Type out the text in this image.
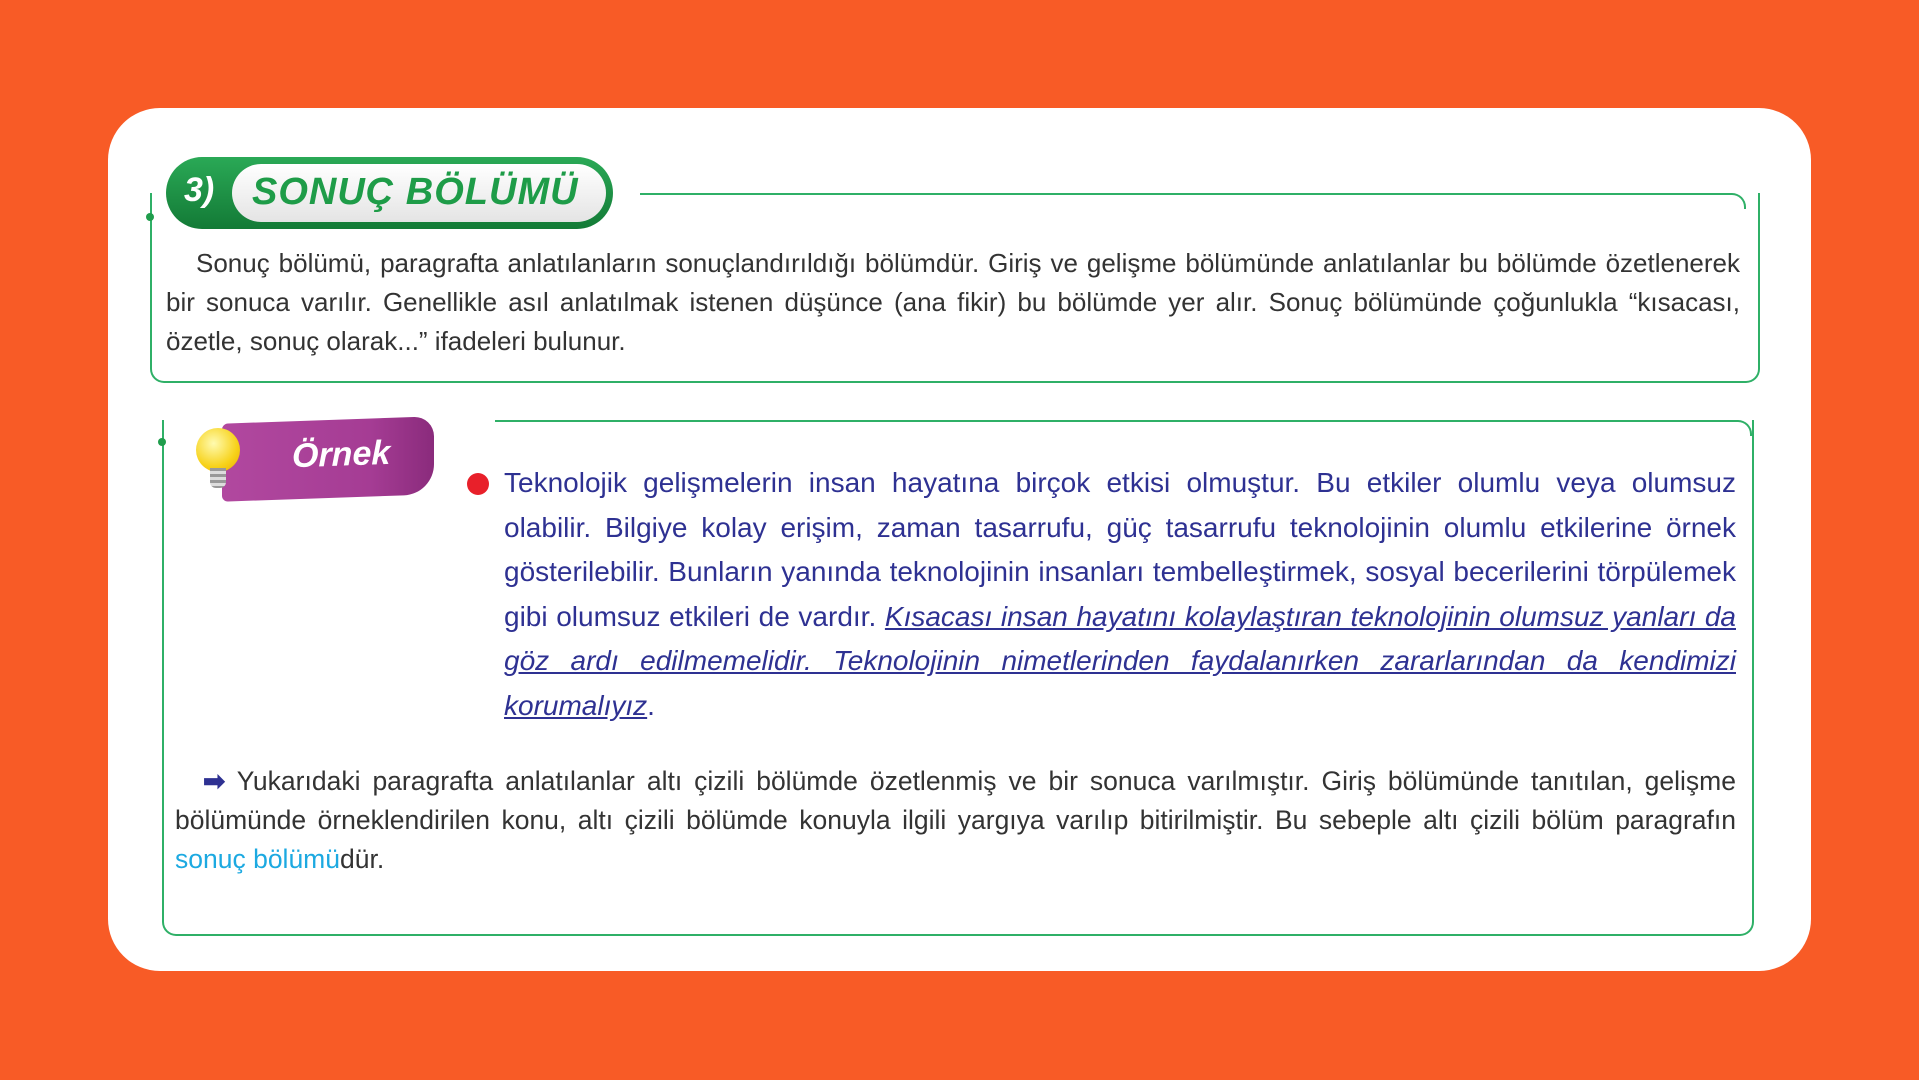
3) SONUÇ BÖLÜMÜ
Sonuç bölümü, paragrafta anlatılanların sonuçlandırıldığı bölümdür. Giriş ve gelişme bölümünde anlatılanlar bu bölümde özetlenerek bir sonuca varılır. Genellikle asıl anlatılmak istenen düşünce (ana fikir) bu bölümde yer alır. Sonuç bölümünde çoğunlukla “kısacası, özetle, sonuç olarak...” ifadeleri bulunur.
Örnek
Teknolojik gelişmelerin insan hayatına birçok etkisi olmuştur. Bu etkiler olumlu veya olumsuz olabilir. Bilgiye kolay erişim, zaman tasarrufu, güç tasarrufu teknolojinin olumlu etkilerine örnek gösterilebilir. Bunların yanında teknolojinin insanları tembelleştirmek, sosyal becerilerini törpülemek gibi olumsuz etkileri de vardır. Kısacası insan hayatını kolaylaştıran teknolojinin olumsuz yanları da göz ardı edilmemelidir. Teknolojinin nimetlerinden faydalanırken zararlarından da kendimizi korumalıyız.
➡ Yukarıdaki paragrafta anlatılanlar altı çizili bölümde özetlenmiş ve bir sonuca varılmıştır. Giriş bölümünde tanıtılan, gelişme bölümünde örneklendirilen konu, altı çizili bölümde konuyla ilgili yargıya varılıp bitirilmiştir. Bu sebeple altı çizili bölüm paragrafın sonuç bölümüdür.
